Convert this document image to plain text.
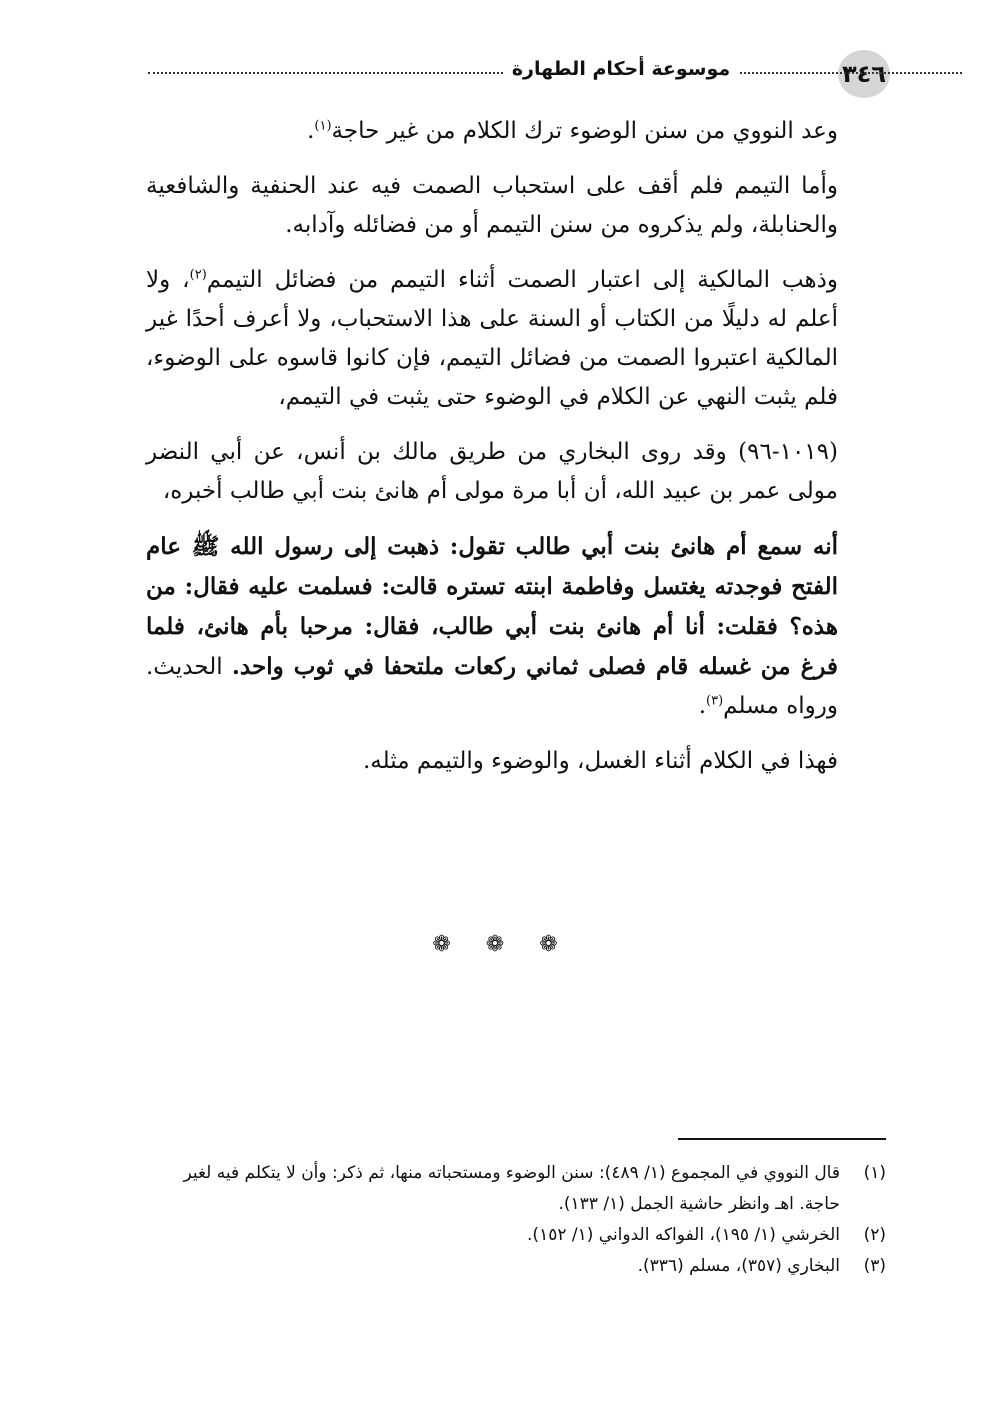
٣٤٦
موسوعة أحكام الطهارة

وعد النووي من سنن الوضوء ترك الكلام من غير حاجة$^{(١)}$.

وأما التيمم فلم أقف على استحباب الصمت فيه عند الحنفية والشافعية والحنابلة، ولم يذكروه من سنن التيمم أو من فضائله وآدابه.

وذهب المالكية إلى اعتبار الصمت أثناء التيمم من فضائل التيمم$^{(٢)}$، ولا أعلم له دليلًا من الكتاب أو السنة على هذا الاستحباب، ولا أعرف أحدًا غير المالكية اعتبروا الصمت من فضائل التيمم، فإن كانوا قاسوه على الوضوء، فلم يثبت النهي عن الكلام في الوضوء حتى يثبت في التيمم،

(١٠١٩-٩٦) وقد روى البخاري من طريق مالك بن أنس، عن أبي النضر مولى عمر بن عبيد الله، أن أبا مرة مولى أم هانئ بنت أبي طالب أخبره،

أنه سمع أم هانئ بنت أبي طالب تقول: ذهبت إلى رسول الله ﷺ عام الفتح فوجدته يغتسل وفاطمة ابنته تستره قالت: فسلمت عليه فقال: من هذه؟ فقلت: أنا أم هانئ بنت أبي طالب، فقال: مرحبا بأم هانئ، فلما فرغ من غسله قام فصلى ثماني ركعات ملتحفا في ثوب واحد. الحديث. ورواه مسلم$^{(٣)}$.

فهذا في الكلام أثناء الغسل، والوضوء والتيمم مثله.

❁ ❁ ❁
(١)
قال النووي في المجموع (١/ ٤٨٩): سنن الوضوء ومستحباته منها، ثم ذكر: وأن لا يتكلم فيه لغير حاجة. اهـ وانظر حاشية الجمل (١/ ١٣٣).
(٢)
الخرشي (١/ ١٩٥)، الفواكه الدواني (١/ ١٥٢).
(٣)
البخاري (٣٥٧)، مسلم (٣٣٦).
